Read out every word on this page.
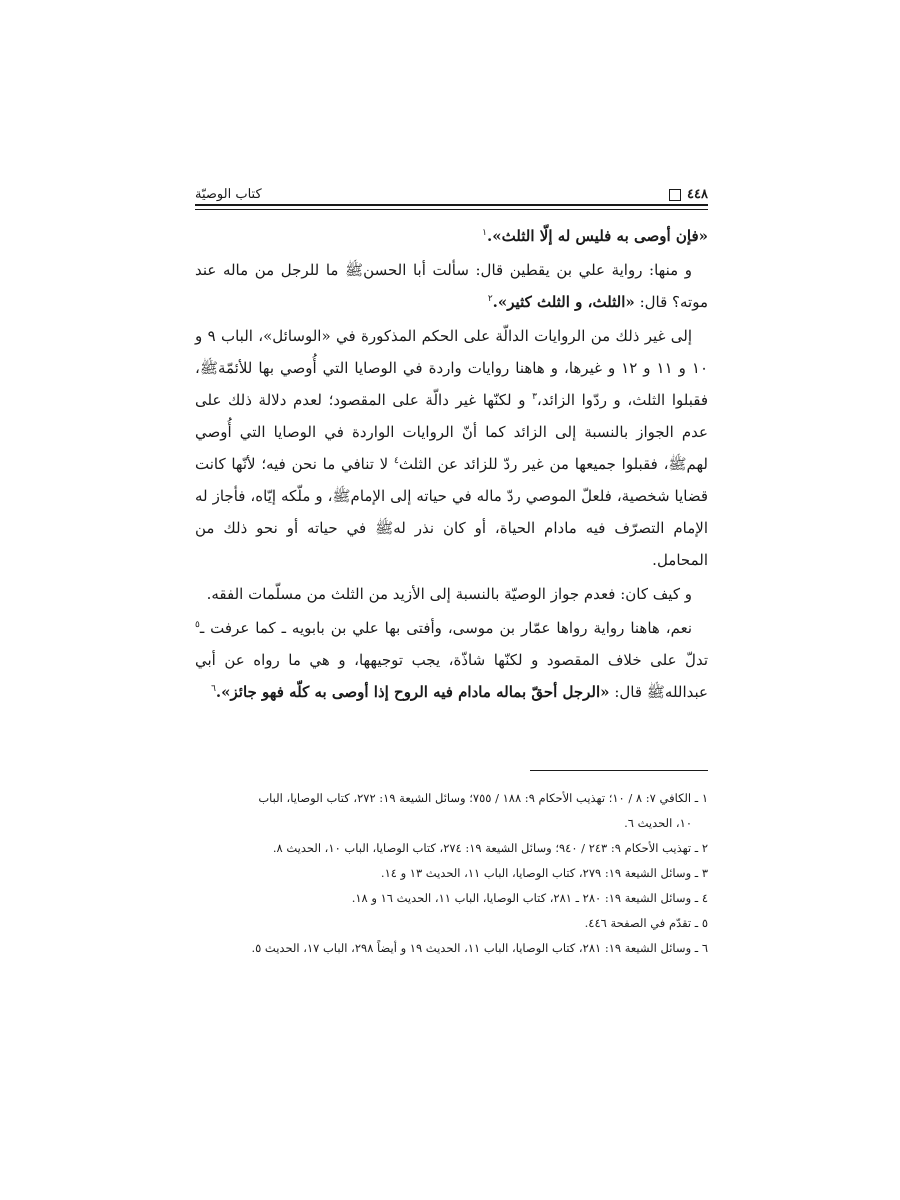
٤٤٨
كتاب الوصيّة

«فإن أوصى به فليس له إلّا الثلث».$^١$

و منها: رواية علي بن يقطين قال: سألت أبا الحسنﷺ ما للرجل من ماله عند موته؟ قال: «الثلث، و الثلث كثير».$^٢$

إلى غير ذلك من الروايات الدالّة على الحكم المذكورة في «الوسائل»، الباب ٩ و ١٠ و ١١ و ١٢ و غيرها، و هاهنا روايات واردة في الوصايا التي أُوصي بها للأئمّةﷺ، فقبلوا الثلث، و ردّوا الزائد،$^٣$ و لكنّها غير دالّة على المقصود؛ لعدم دلالة ذلك على عدم الجواز بالنسبة إلى الزائد كما أنّ الروايات الواردة في الوصايا التي أُوصي لهمﷺ، فقبلوا جميعها من غير ردّ للزائد عن الثلث$^٤$ لا تنافي ما نحن فيه؛ لأنّها كانت قضايا شخصية، فلعلّ الموصي ردّ ماله في حياته إلى الإمامﷺ، و ملّكه إيّاه، فأجاز له الإمام التصرّف فيه مادام الحياة، أو كان نذر لهﷺ في حياته أو نحو ذلك من المحامل.

و كيف كان: فعدم جواز الوصيّة بالنسبة إلى الأزيد من الثلث من مسلّمات الفقه.

نعم، هاهنا رواية رواها عمّار بن موسى، وأفتى بها علي بن بابويه ـ كما عرفت ـ$^٥$ تدلّ على خلاف المقصود و لكنّها شاذّة، يجب توجيهها، و هي ما رواه عن أبي عبداللهﷺ قال: «الرجل أحقّ بماله مادام فيه الروح إذا أوصى به كلّه فهو جائز».$^٦$

١ ـ الكافي ٧: ٨ / ١٠؛ تهذيب الأحكام ٩: ١٨٨ / ٧٥٥؛ وسائل الشيعة ١٩: ٢٧٢، كتاب الوصايا، الباب

١٠، الحديث ٦.

٢ ـ تهذيب الأحكام ٩: ٢٤٣ / ٩٤٠؛ وسائل الشيعة ١٩: ٢٧٤، كتاب الوصايا، الباب ١٠، الحديث ٨.

٣ ـ وسائل الشيعة ١٩: ٢٧٩، كتاب الوصايا، الباب ١١، الحديث ١٣ و ١٤.

٤ ـ وسائل الشيعة ١٩: ٢٨٠ ـ ٢٨١، كتاب الوصايا، الباب ١١، الحديث ١٦ و ١٨.

٥ ـ تقدّم في الصفحة ٤٤٦.

٦ ـ وسائل الشيعة ١٩: ٢٨١، كتاب الوصايا، الباب ١١، الحديث ١٩ و أيضاً ٢٩٨، الباب ١٧، الحديث ٥.
